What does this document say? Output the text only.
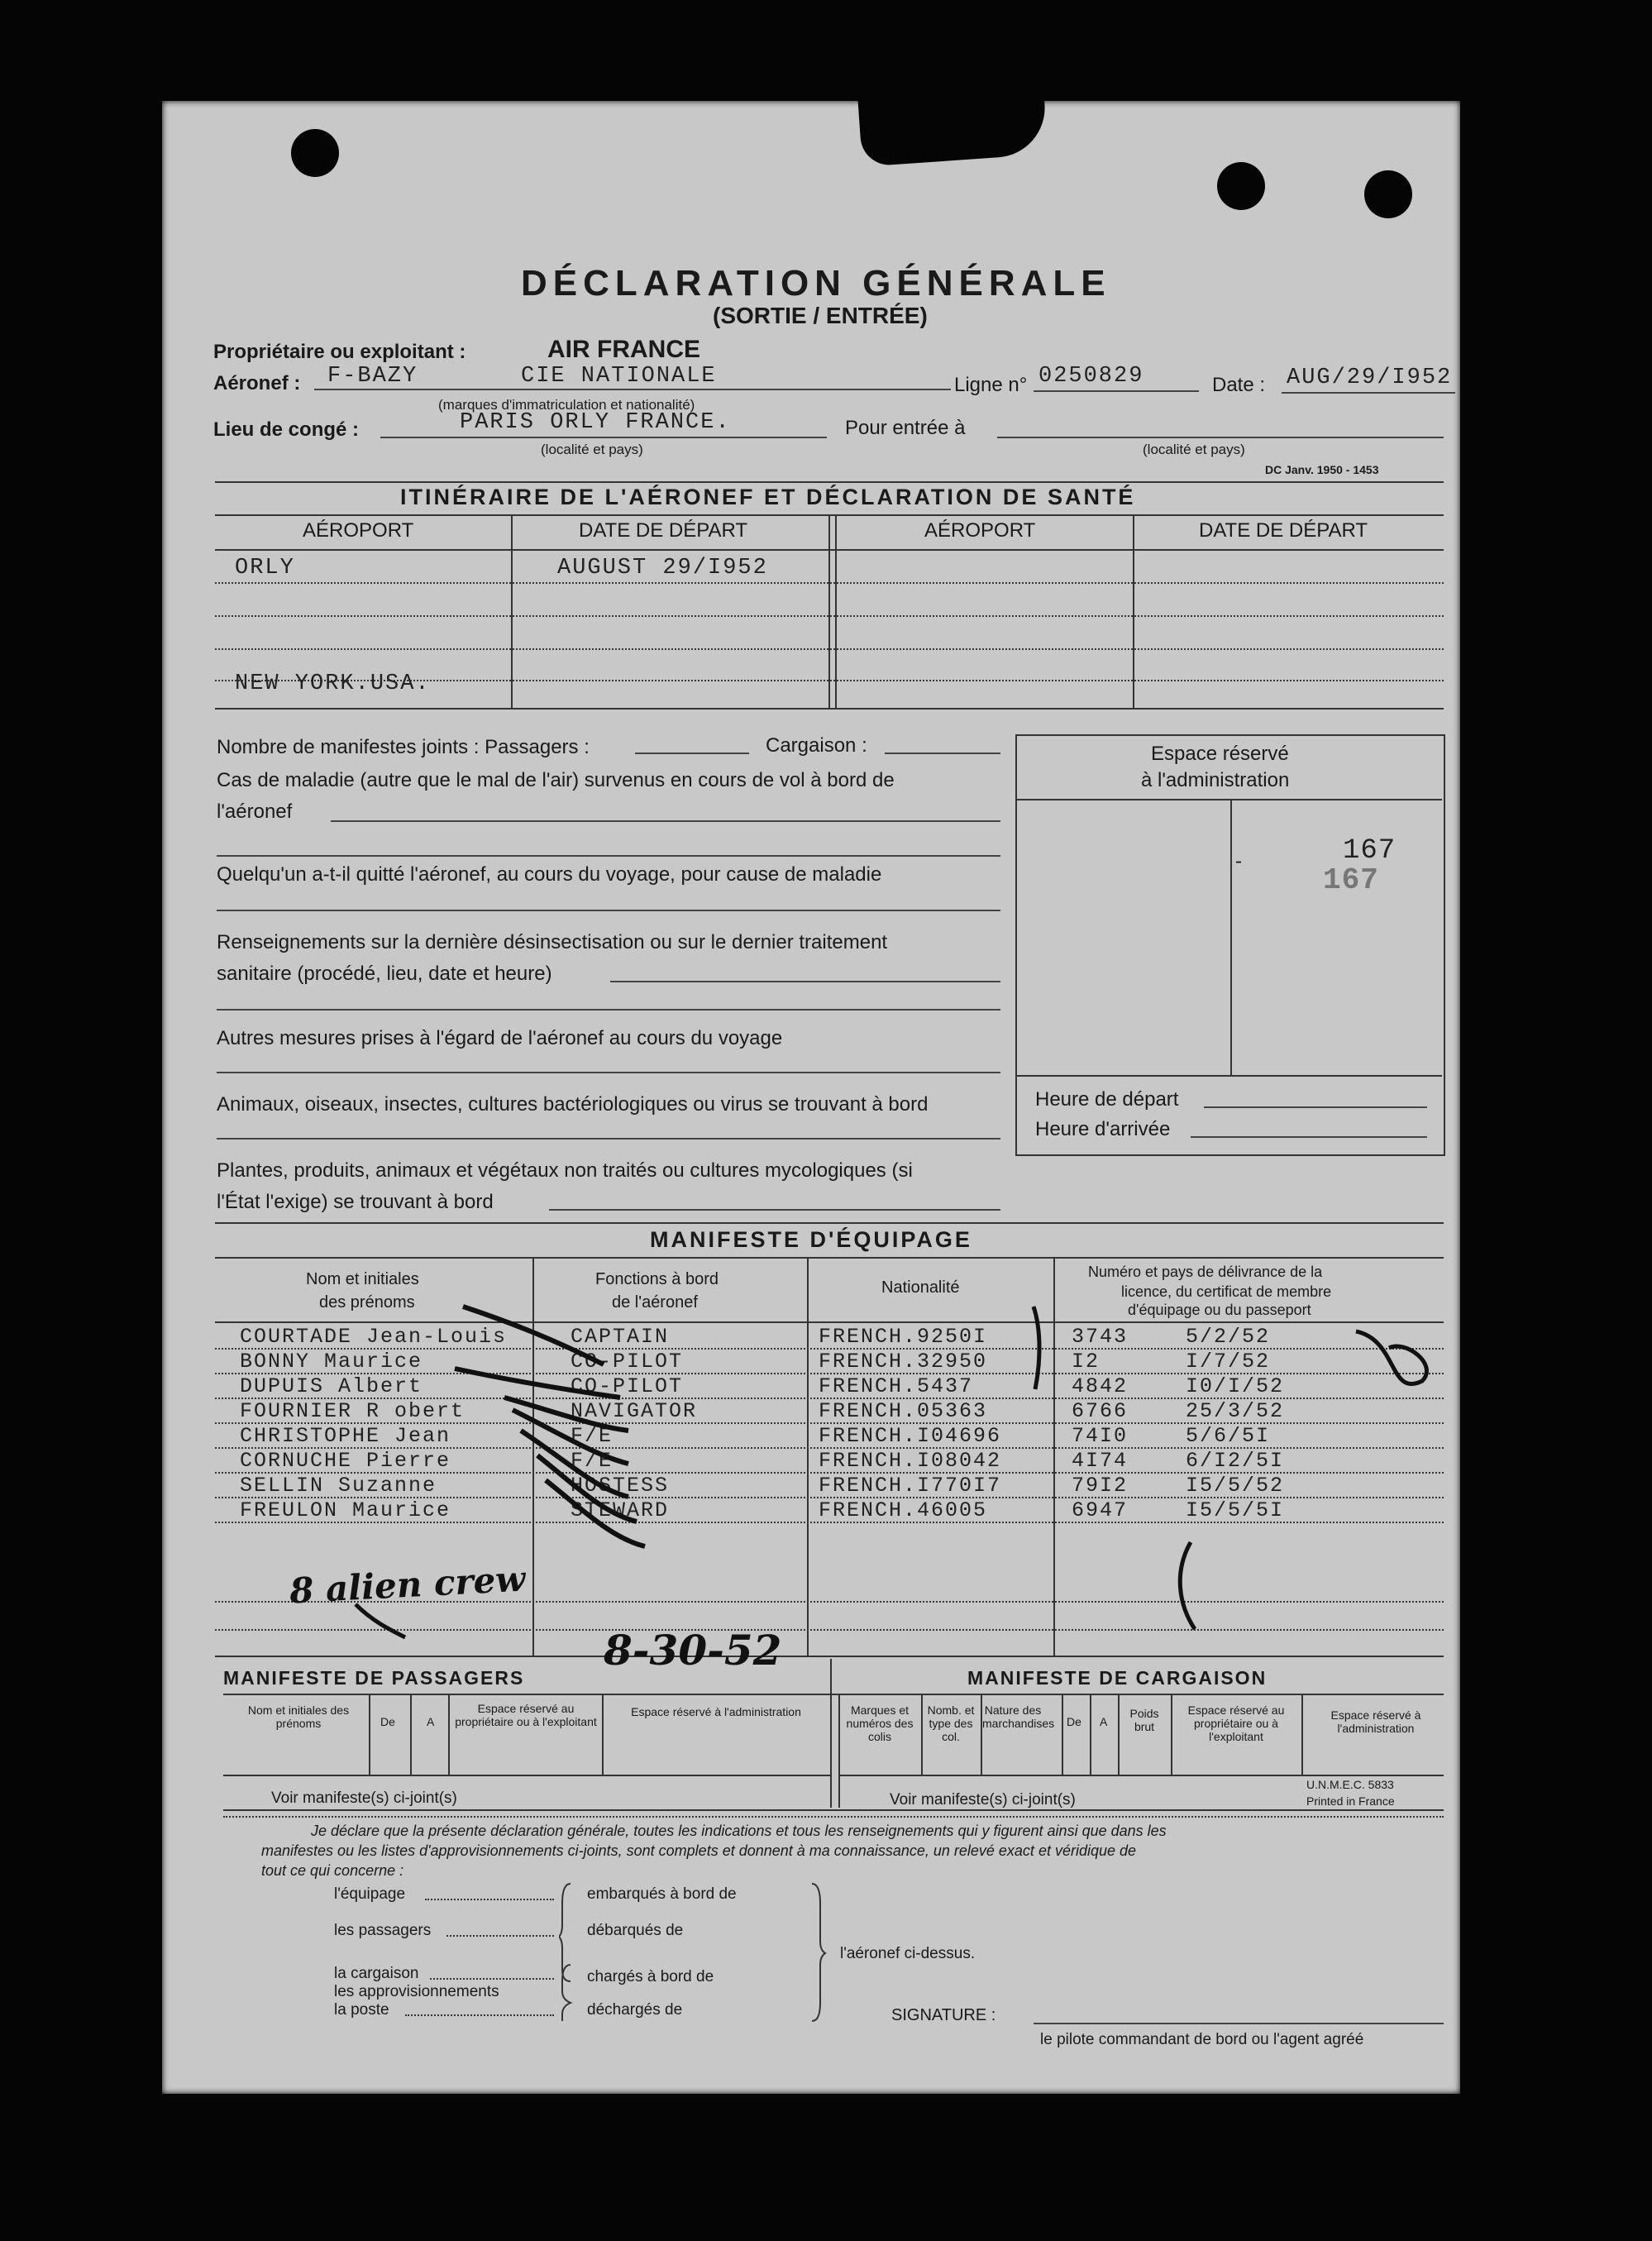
DÉCLARATION GÉNÉRALE
(SORTIE / ENTRÉE)
Propriétaire ou exploitant :	AIR FRANCE
Aéronef : F-BAZY	CIE NATIONALE
(marques d'immatriculation et nationalité)
Ligne n° 0250829	Date : AUG/29/I952
Lieu de congé :	PARIS ORLY FRANCE.
(localité et pays)
Pour entrée à
(localité et pays)
DC Janv. 1950 - 1453
ITINÉRAIRE DE L'AÉRONEF ET DÉCLARATION DE SANTÉ
AÉROPORT	DATE DE DÉPART	AÉROPORT	DATE DE DÉPART
ORLY	AUGUST 29/I952
NEW YORK.USA.
Nombre de manifestes joints : Passagers :	Cargaison :
Cas de maladie (autre que le mal de l'air) survenus en cours de vol à bord de
l'aéronef
Quelqu'un a-t-il quitté l'aéronef, au cours du voyage, pour cause de maladie
Renseignements sur la dernière désinsectisation ou sur le dernier traitement
sanitaire (procédé, lieu, date et heure)
Autres mesures prises à l'égard de l'aéronef au cours du voyage
Animaux, oiseaux, insectes, cultures bactériologiques ou virus se trouvant à bord
Plantes, produits, animaux et végétaux non traités ou cultures mycologiques (si
l'État l'exige) se trouvant à bord
Espace réservé
à l'administration
-	167
167
Heure de départ
Heure d'arrivée
MANIFESTE D'ÉQUIPAGE
Nom et initiales
des prénoms
Fonctions à bord
de l'aéronef
Nationalité
Numéro et pays de délivrance de la
licence, du certificat de membre
d'équipage ou du passeport
COURTADE Jean-Louis	CAPTAIN	FRENCH.9250I	3743	5/2/52
BONNY Maurice	CO-PILOT	FRENCH.32950	I2	I/7/52
DUPUIS Albert	CO-PILOT	FRENCH.5437	4842	I0/I/52
FOURNIER R obert	NAVIGATOR	FRENCH.05363	6766	25/3/52
CHRISTOPHE Jean	F/E	FRENCH.I04696	74I0	5/6/5I
CORNUCHE Pierre	F/E	FRENCH.I08042	4I74	6/I2/5I
SELLIN Suzanne	HOSTESS	FRENCH.I770I7	79I2	I5/5/52
FREULON Maurice	STEWARD	FRENCH.46005	6947	I5/5/5I
8 alien crew
8-30-52
MANIFESTE DE PASSAGERS	MANIFESTE DE CARGAISON
Nom et initiales des prénoms	De	A
Espace réservé au propriétaire ou à l'exploitant
Espace réservé à l'administration
Voir manifeste(s) ci-joint(s)
Marques et numéros des colis
Nomb. et type des col.
Nature des marchandises De A
Poids brut
Espace réservé au propriétaire ou à l'exploitant
Espace réservé à l'administration
Voir manifeste(s) ci-joint(s)
U.N.M.E.C. 5833
Printed in France
Je déclare que la présente déclaration générale, toutes les indications et tous les renseignements qui y figurent ainsi que dans les
manifestes ou les listes d'approvisionnements ci-joints, sont complets et donnent à ma connaissance, un relevé exact et véridique de
tout ce qui concerne :
l'équipage
les passagers
la cargaison
les approvisionnements
la poste
embarqués à bord de
débarqués de
chargés à bord de
déchargés de
l'aéronef ci-dessus.
SIGNATURE :
le pilote commandant de bord ou l'agent agréé
